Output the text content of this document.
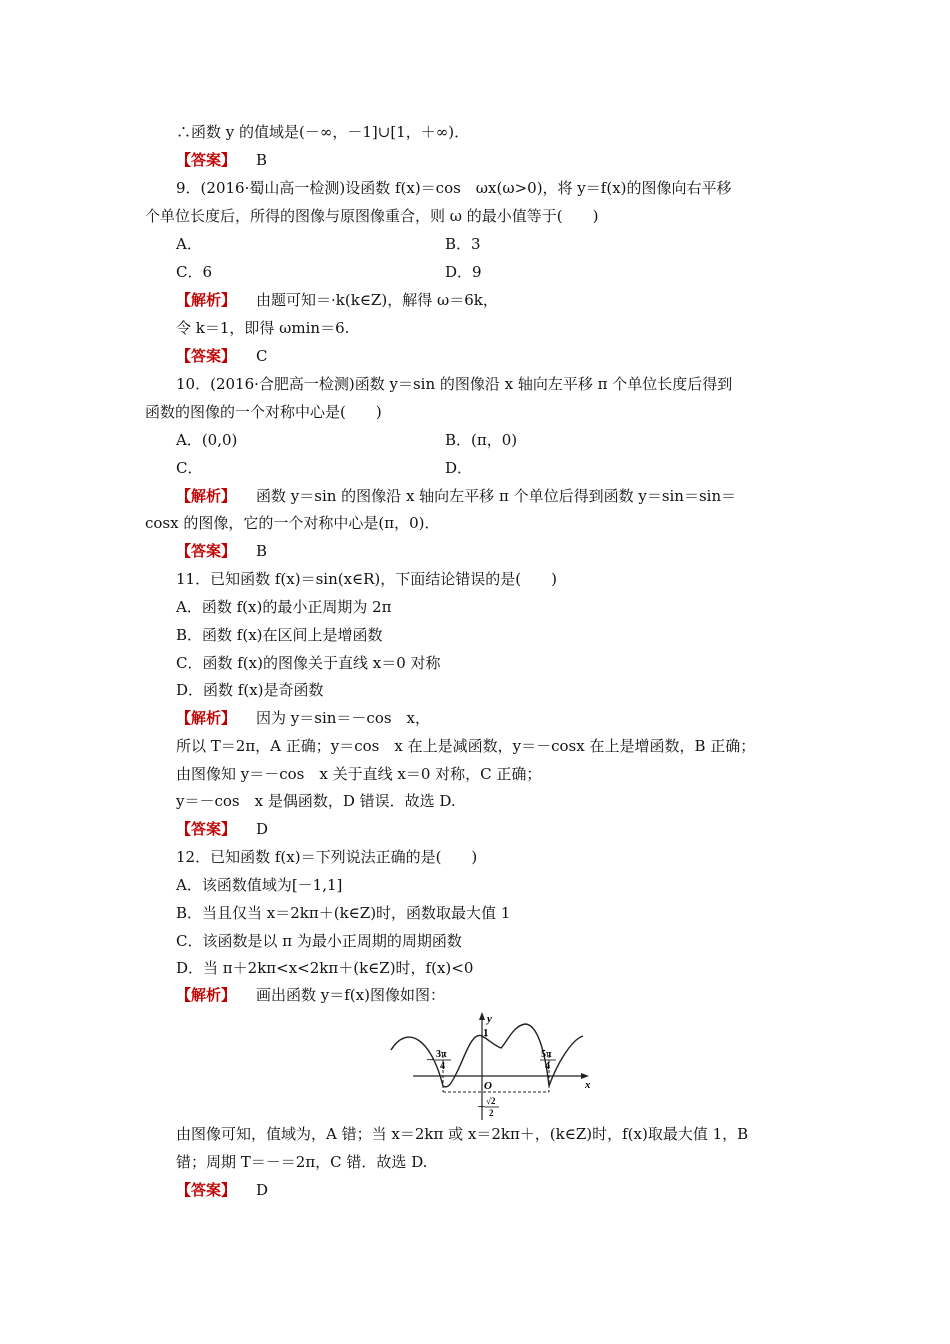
∴函数 y 的值域是(－∞，－1]∪[1，＋∞)．
【答案】 B
9．(2016·蜀山高一检测)设函数 f(x)＝cos　ωx(ω>0)，将 y＝f(x)的图像向右平移
个单位长度后，所得的图像与原图像重合，则 ω 的最小值等于(　　)
A．	B．3
C．6	D．9
【解析】 由题可知＝·k(k∈Z)，解得 ω＝6k，
令 k＝1，即得 ωmin＝6.
【答案】 C
10．(2016·合肥高一检测)函数 y＝sin 的图像沿 x 轴向左平移 π 个单位长度后得到
函数的图像的一个对称中心是(　　)
A．(0,0)	B．(π，0)
C．	D．
【解析】 函数 y＝sin 的图像沿 x 轴向左平移 π 个单位后得到函数 y＝sin＝sin＝
cosx 的图像，它的一个对称中心是(π，0)．
【答案】 B
11．已知函数 f(x)＝sin(x∈R)，下面结论错误的是(　　)
A．函数 f(x)的最小正周期为 2π
B．函数 f(x)在区间上是增函数
C．函数 f(x)的图像关于直线 x＝0 对称
D．函数 f(x)是奇函数
【解析】 因为 y＝sin＝－cos　x，
所以 T＝2π，A 正确；y＝cos　x 在上是减函数，y＝－cosx 在上是增函数，B 正确；
由图像知 y＝－cos　x 关于直线 x＝0 对称，C 正确；
y＝－cos　x 是偶函数，D 错误．故选 D.
【答案】 D
12．已知函数 f(x)＝下列说法正确的是(　　)
A．该函数值域为[－1,1]
B．当且仅当 x＝2kπ＋(k∈Z)时，函数取最大值 1
C．该函数是以 π 为最小正周期的周期函数
D．当 π＋2kπ<x<2kπ＋(k∈Z)时，f(x)<0
【解析】 画出函数 y＝f(x)图像如图：
y
x
1
O
－ 3π
4
5π
4
－
√2
2
由图像可知，值域为，A 错；当 x＝2kπ 或 x＝2kπ＋，(k∈Z)时，f(x)取最大值 1，B
错；周期 T＝－＝2π，C 错．故选 D.
【答案】 D
